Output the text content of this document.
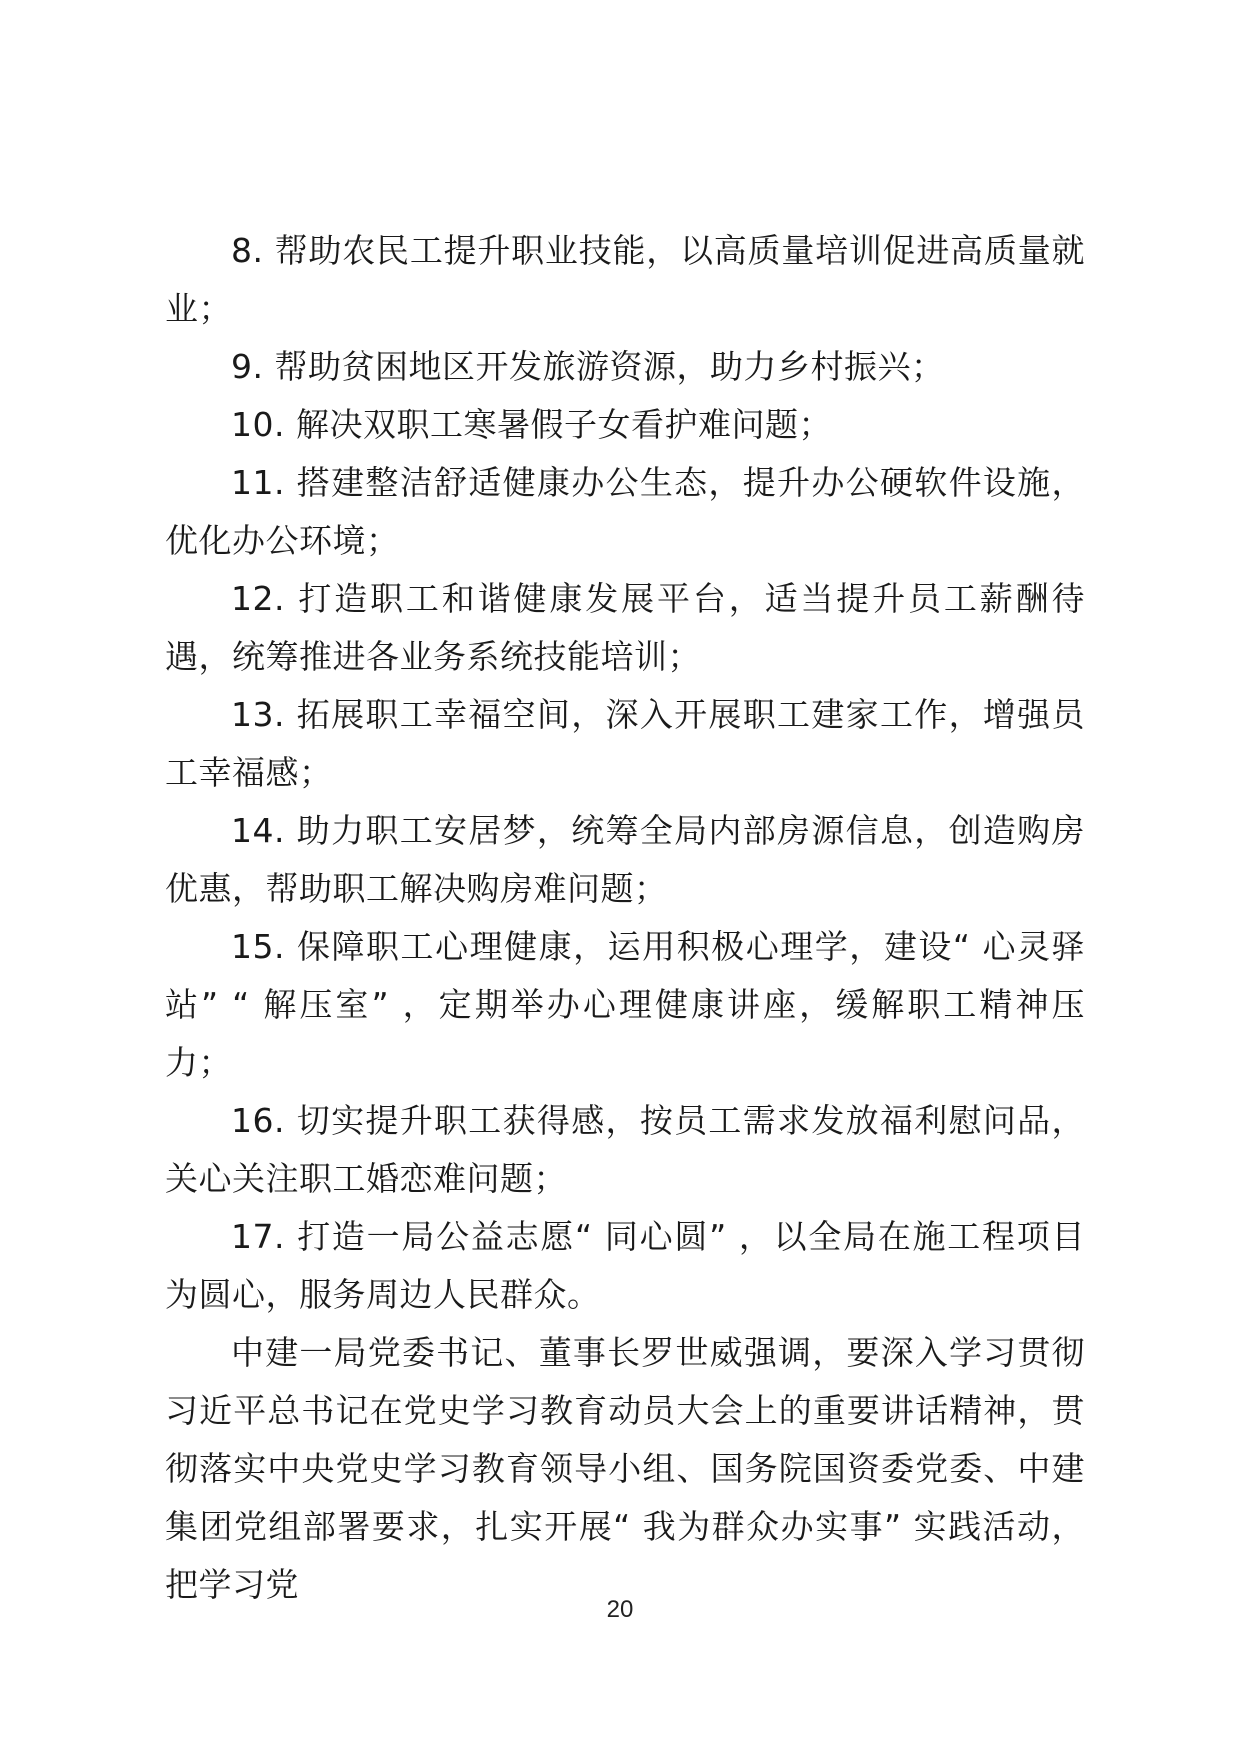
8. 帮助农民工提升职业技能，以高质量培训促进高质量就业；

9. 帮助贫困地区开发旅游资源，助力乡村振兴；

10. 解决双职工寒暑假子女看护难问题；

11. 搭建整洁舒适健康办公生态，提升办公硬软件设施，优化办公环境；

12. 打造职工和谐健康发展平台，适当提升员工薪酬待遇，统筹推进各业务系统技能培训；

13. 拓展职工幸福空间，深入开展职工建家工作，增强员工幸福感；

14. 助力职工安居梦，统筹全局内部房源信息，创造购房优惠，帮助职工解决购房难问题；

15. 保障职工心理健康，运用积极心理学，建设“ 心灵驿站” “ 解压室” ，定期举办心理健康讲座，缓解职工精神压力；

16. 切实提升职工获得感，按员工需求发放福利慰问品，关心关注职工婚恋难问题；

17. 打造一局公益志愿“ 同心圆” ，以全局在施工程项目为圆心，服务周边人民群众。

中建一局党委书记、董事长罗世威强调，要深入学习贯彻习近平总书记在党史学习教育动员大会上的重要讲话精神，贯彻落实中央党史学习教育领导小组、国务院国资委党委、中建集团党组部署要求，扎实开展“ 我为群众办实事” 实践活动，把学习党

20
